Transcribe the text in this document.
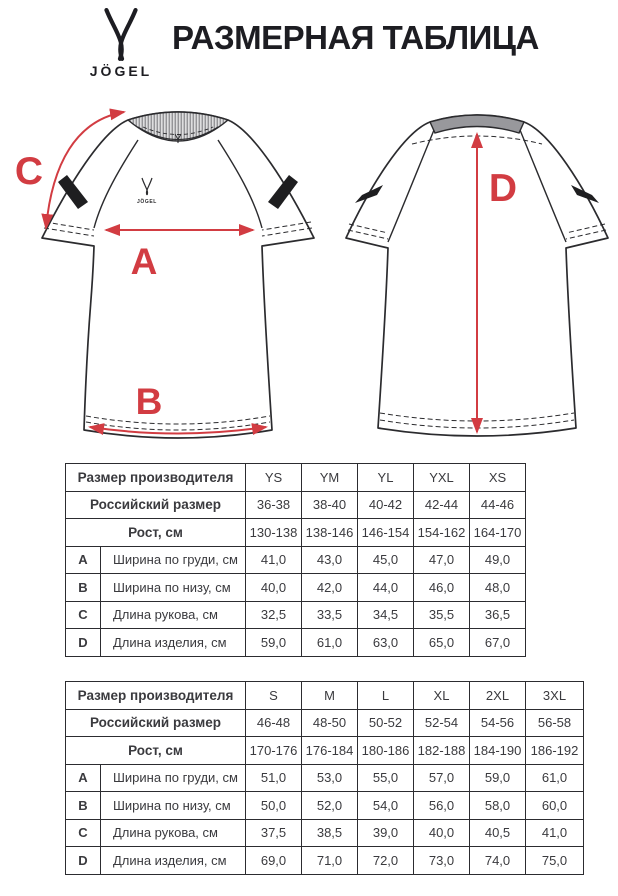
JÖGEL
РАЗМЕРНАЯ ТАБЛИЦА
JÖGEL
A
B
C	D
Размер производителя		YS	YM	YL	YXL	XS
Российский размер		36-38	38-40	40-42	42-44	44-46
Рост, см		130-138	138-146	146-154	154-162	164-170
A	Ширина по груди, см	41,0	43,0	45,0	47,0	49,0
B	Ширина по низу, см	40,0	42,0	44,0	46,0	48,0
C	Длина рукова, см	32,5	33,5	34,5	35,5	36,5
D	Длина изделия, см	59,0	61,0	63,0	65,0	67,0
Размер производителя		S	M	L	XL	2XL	3XL
Российский размер		46-48	48-50	50-52	52-54	54-56	56-58
Рост, см		170-176	176-184	180-186	182-188	184-190	186-192
A	Ширина по груди, см	51,0	53,0	55,0	57,0	59,0	61,0
B	Ширина по низу, см	50,0	52,0	54,0	56,0	58,0	60,0
C	Длина рукова, см	37,5	38,5	39,0	40,0	40,5	41,0
D	Длина изделия, см	69,0	71,0	72,0	73,0	74,0	75,0
